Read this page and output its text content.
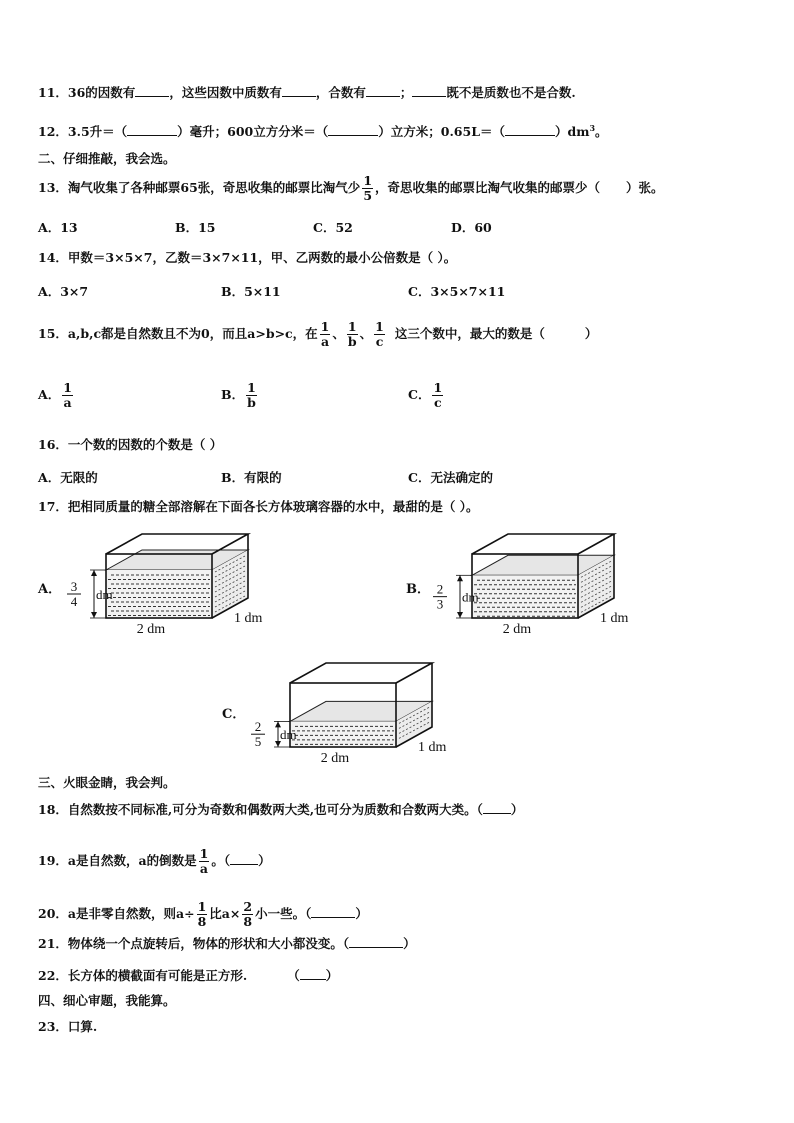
11．36的因数有	，这些因数中质数有	，合数有	；	既不是质数也不是合数.
12．3.5升＝（	）毫升；600立方分米＝（	）立方米；0.65L＝（	）$dm^3$。
二、仔细推敲，我会选。
13．淘气收集了各种邮票65张，奇思收集的邮票比淘气少 $\frac{1}{5}$ ，奇思收集的邮票比淘气收集的邮票少（ ）张。
A．13	B．15	C．52	D．60
14．甲数＝3×5×7，乙数＝3×7×11，甲、乙两数的最小公倍数是（ ）。
A．3×7	B．5×11	C．3×5×7×11
15．a,b,c都是自然数且不为0，而且a>b>c，在 $\frac{1}{a}$ 、 $\frac{1}{b}$ 、 $\frac{1}{c}$ 这三个数中，最大的数是（	）
A． $\frac{1}{a}$	B． $\frac{1}{b}$	C． $\frac{1}{c}$
16．一个数的因数的个数是（ ）
A．无限的	B．有限的	C．无法确定的
17．把相同质量的糖全部溶解在下面各长方体玻璃容器的水中，最甜的是（ ）。
A． 3
4 dm
2 dm
1 dm
B． 2
3 dm
2 dm
1 dm
C．
2
5 dm
2 dm
1 dm
三、火眼金睛，我会判。
18．自然数按不同标准,可分为奇数和偶数两大类,也可分为质数和合数两大类。（ ）
19．a是自然数，a的倒数是 $\frac{1}{a}$ 。（ ）
20．a是非零自然数，则$a\div \frac{1}{8}$ 比$a\times \frac{2}{8}$ 小一些。（	）
21．物体绕一个点旋转后，物体的形状和大小都没变。（	）
22．长方体的横截面有可能是正方形.	（ ）
四、细心审题，我能算。
23．口算.
